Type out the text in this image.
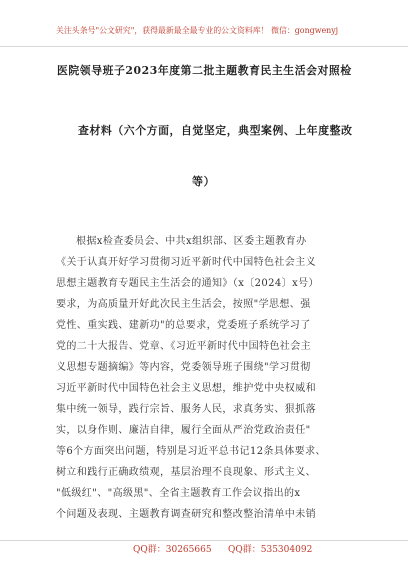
关注头条号"公文研究"，获得最新最全最专业的公文资料库！ 微信：gongwenyj
医院领导班子2023年度第二批主题教育民主生活会对照检
查材料（六个方面，自觉坚定，典型案例、上年度整改
等）
根据x检查委员会、中共x组织部、区委主题教育办
《关于认真开好学习贯彻习近平新时代中国特色社会主义
思想主题教育专题民主生活会的通知》（x〔2024〕x号）
要求，为高质量开好此次民主生活会，按照"学思想、强
党性、重实践、建新功"的总要求，党委班子系统学习了
党的二十大报告、党章、《习近平新时代中国特色社会主
义思想专题摘编》等内容，党委领导班子围绕"学习贯彻
习近平新时代中国特色社会主义思想，维护党中央权威和
集中统一领导，践行宗旨、服务人民，求真务实、狠抓落
实，以身作则、廉洁自律，履行全面从严治党政治责任"
等6个方面突出问题，特别是习近平总书记12条具体要求、
树立和践行正确政绩观，基层治理不良现象、形式主义、
"低级红"、"高级黑"、全省主题教育工作会议指出的x
个问题及表现、主题教育调查研究和整改整治清单中未销
QQ群：30265665 QQ群：535304092
